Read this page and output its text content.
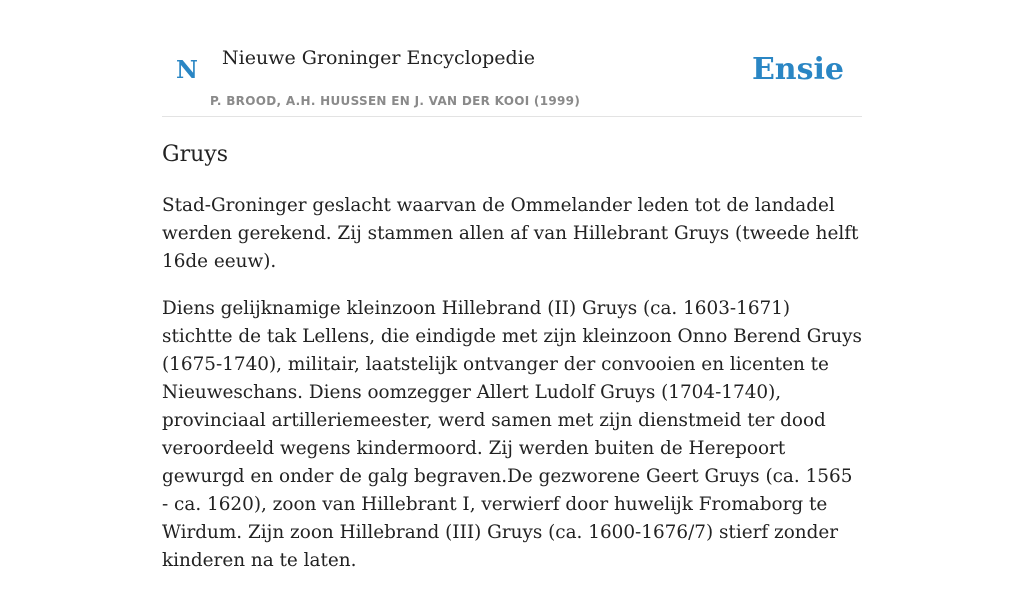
N Nieuwe Groninger Encyclopedie
P. BROOD, A.H. HUUSSEN EN J. VAN DER KOOI (1999)
Ensie
Gruys

Stad-Groninger geslacht waarvan de Ommelander leden tot de landadel werden gerekend. Zij stammen allen af van Hillebrant Gruys (tweede helft 16de eeuw).

Diens gelijknamige kleinzoon Hillebrand (II) Gruys (ca. 1603-1671) stichtte de tak Lellens, die eindigde met zijn kleinzoon Onno Berend Gruys (1675-1740), militair, laatstelijk ontvanger der convooien en licenten te Nieuweschans. Diens oomzegger Allert Ludolf Gruys (1704-1740), provinciaal artilleriemeester, werd samen met zijn dienstmeid ter dood veroordeeld wegens kindermoord. Zij werden buiten de Herepoort gewurgd en onder de galg begraven.De gezworene Geert Gruys (ca. 1565 - ca. 1620), zoon van Hillebrant I, verwierf door huwelijk Fromaborg te Wirdum. Zijn zoon Hillebrand (III) Gruys (ca. 1600-1676/7) stierf zonder kinderen na te laten.
